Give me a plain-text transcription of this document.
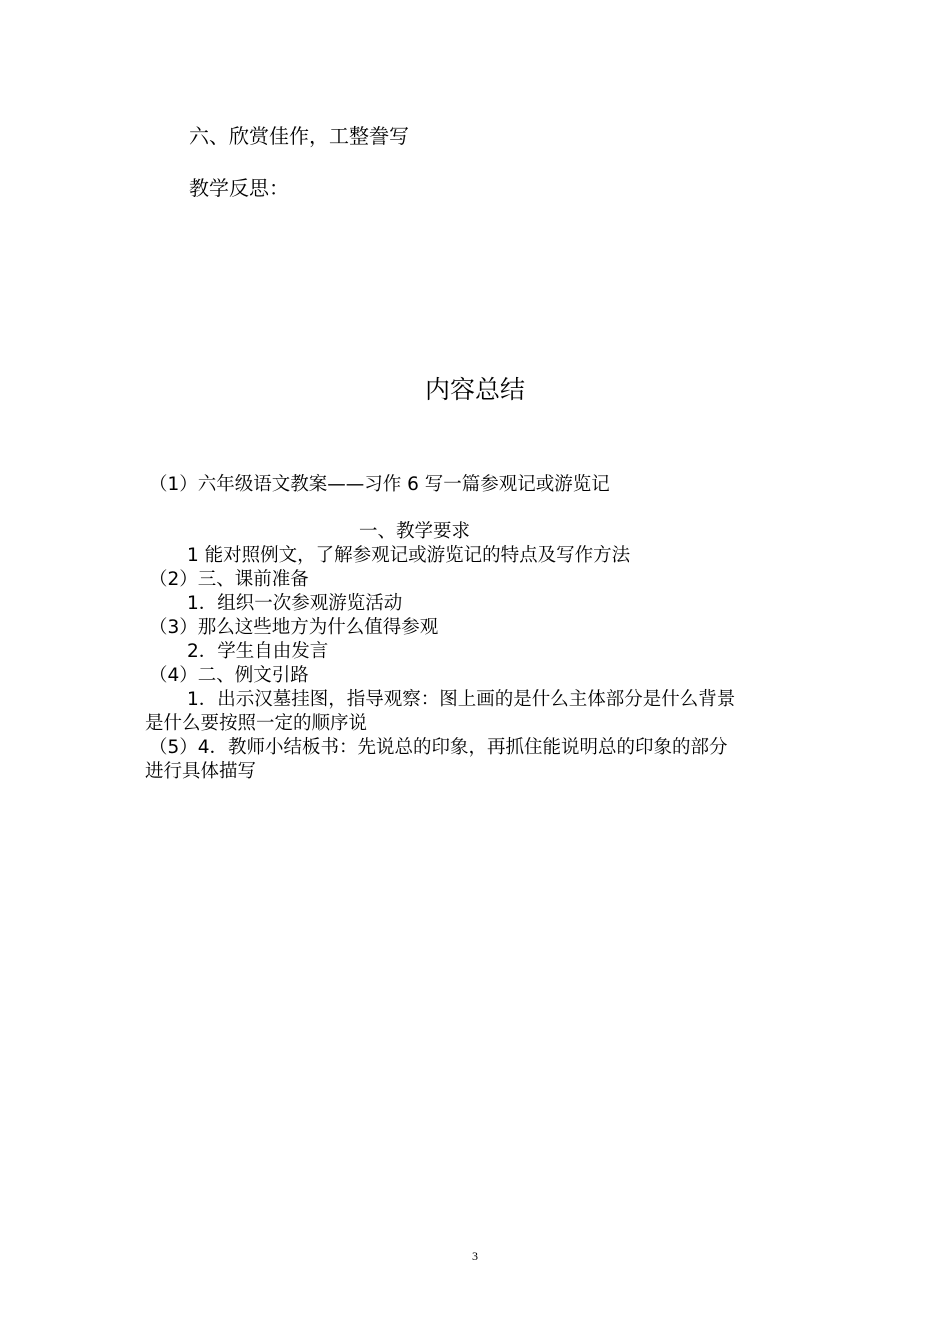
六、欣赏佳作，工整誊写
教学反思：
内容总结
（1）六年级语文教案——习作 6 写一篇参观记或游览记
一、教学要求
1 能对照例文，了解参观记或游览记的特点及写作方法
（2）三、课前准备
1．组织一次参观游览活动
（3）那么这些地方为什么值得参观
2．学生自由发言
（4）二、例文引路
1．出示汉墓挂图，指导观察：图上画的是什么主体部分是什么背景
是什么要按照一定的顺序说
（5）4．教师小结板书：先说总的印象，再抓住能说明总的印象的部分
进行具体描写
3
